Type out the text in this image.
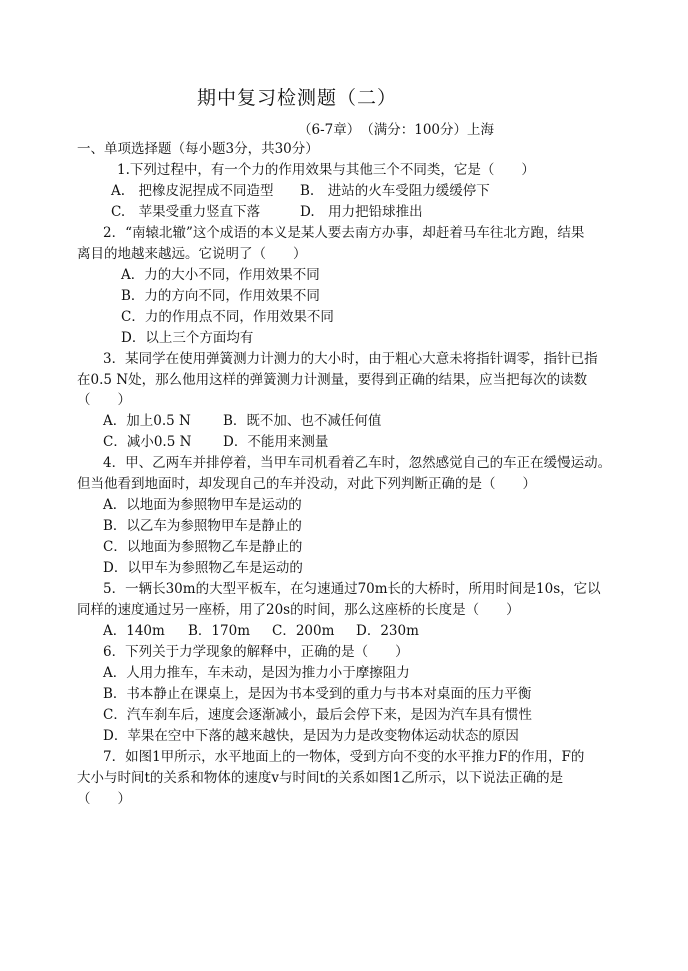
期中复习检测题（二）
（6-7章）　（满分：100分）上海
一、单项选择题（每小题3分，共30分）
1.下列过程中，有一个力的作用效果与其他三个不同类，它是（　　）
A.　把橡皮泥捏成不同造型 B.　进站的火车受阻力缓缓停下
C.　苹果受重力竖直下落	D.　用力把铅球推出
2．“南辕北辙”这个成语的本义是某人要去南方办事，却赶着马车往北方跑，结果
离目的地越来越远。它说明了（　　）
A．力的大小不同，作用效果不同
B．力的方向不同，作用效果不同
C．力的作用点不同，作用效果不同
D．以上三个方面均有
3．某同学在使用弹簧测力计测力的大小时，由于粗心大意未将指针调零，指针已指
在0.5 N处，那么他用这样的弹簧测力计测量，要得到正确的结果，应当把每次的读数
（　　）
A．加上0.5 N B．既不加、也不减任何值
C．减小0.5 N D．不能用来测量
4．甲、乙两车并排停着，当甲车司机看着乙车时，忽然感觉自己的车正在缓慢运动。
但当他看到地面时，却发现自己的车并没动，对此下列判断正确的是（　　）
A．以地面为参照物甲车是运动的
B．以乙车为参照物甲车是静止的
C．以地面为参照物乙车是静止的
D．以甲车为参照物乙车是运动的
5．一辆长30m的大型平板车，在匀速通过70m长的大桥时，所用时间是10s，它以
同样的速度通过另一座桥，用了20s的时间，那么这座桥的长度是（　　）
A．140m B．170m C．200m D．230m
6．下列关于力学现象的解释中，正确的是（　　）
A．人用力推车，车未动，是因为推力小于摩擦阻力
B．书本静止在课桌上，是因为书本受到的重力与书本对桌面的压力平衡
C．汽车刹车后，速度会逐渐减小，最后会停下来，是因为汽车具有惯性
D．苹果在空中下落的越来越快，是因为力是改变物体运动状态的原因
7．如图1甲所示，水平地面上的一物体，受到方向不变的水平推力F的作用，F的
大小与时间t的关系和物体的速度v与时间t的关系如图1乙所示，以下说法正确的是
（　　）
